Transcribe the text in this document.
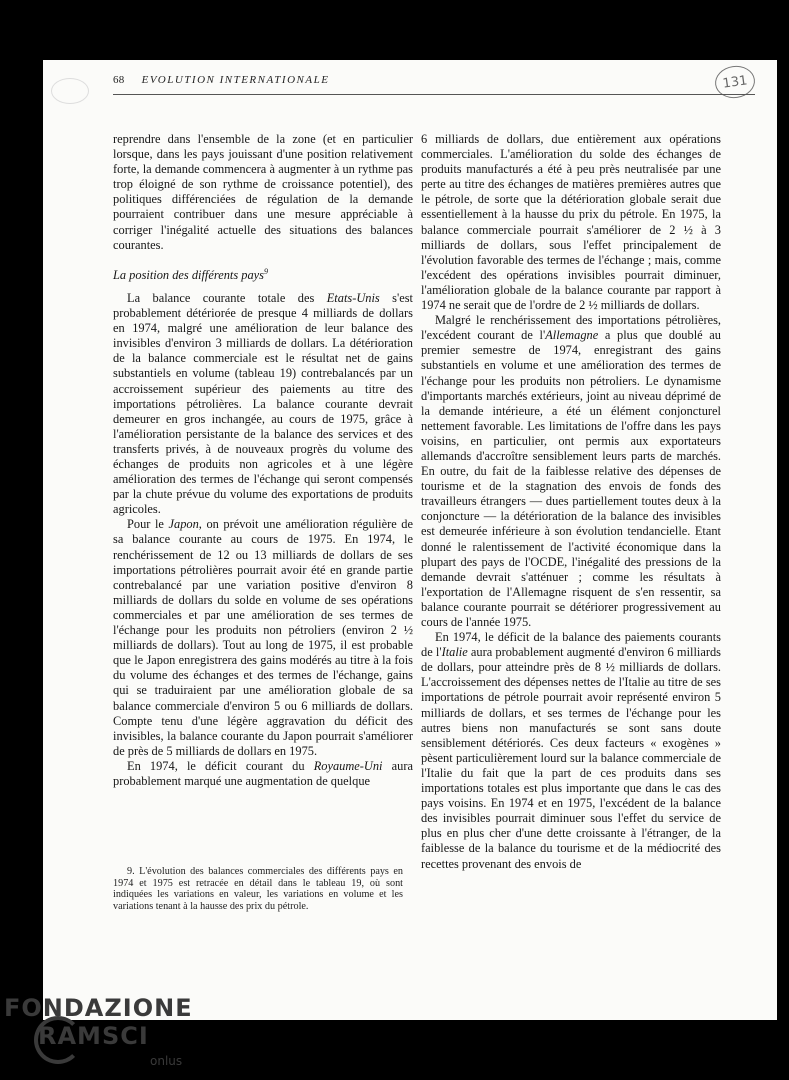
68 EVOLUTION INTERNATIONALE	131

reprendre dans l'ensemble de la zone (et en particulier lorsque, dans les pays jouissant d'une position relativement forte, la demande commencera à augmenter à un rythme pas trop éloigné de son rythme de croissance potentiel), des politiques différenciées de régulation de la demande pourraient contribuer dans une mesure appréciable à corriger l'inégalité actuelle des situations des balances courantes.

La position des différents pays$^9$

La balance courante totale des Etats-Unis s'est probablement détériorée de presque 4 milliards de dollars en 1974, malgré une amélioration de leur balance des invisibles d'environ 3 milliards de dollars. La détérioration de la balance commerciale est le résultat net de gains substantiels en volume (tableau 19) contrebalancés par un accroissement supérieur des paiements au titre des importations pétrolières. La balance courante devrait demeurer en gros inchangée, au cours de 1975, grâce à l'amélioration persistante de la balance des services et des transferts privés, à de nouveaux progrès du volume des échanges de produits non agricoles et à une légère amélioration des termes de l'échange qui seront compensés par la chute prévue du volume des exportations de produits agricoles.

Pour le Japon, on prévoit une amélioration régulière de sa balance courante au cours de 1975. En 1974, le renchérissement de 12 ou 13 milliards de dollars de ses importations pétrolières pourrait avoir été en grande partie contrebalancé par une variation positive d'environ 8 milliards de dollars du solde en volume de ses opérations commerciales et par une amélioration de ses termes de l'échange pour les produits non pétroliers (environ 2 ½ milliards de dollars). Tout au long de 1975, il est probable que le Japon enregistrera des gains modérés au titre à la fois du volume des échanges et des termes de l'échange, gains qui se traduiraient par une amélioration globale de sa balance commerciale d'environ 5 ou 6 milliards de dollars. Compte tenu d'une légère aggravation du déficit des invisibles, la balance courante du Japon pourrait s'améliorer de près de 5 milliards de dollars en 1975.

En 1974, le déficit courant du Royaume-Uni aura probablement marqué une augmentation de quelque

9. L'évolution des balances commerciales des différents pays en 1974 et 1975 est retracée en détail dans le tableau 19, où sont indiquées les variations en valeur, les variations en volume et les variations tenant à la hausse des prix du pétrole.

6 milliards de dollars, due entièrement aux opérations commerciales. L'amélioration du solde des échanges de produits manufacturés a été à peu près neutralisée par une perte au titre des échanges de matières premières autres que le pétrole, de sorte que la détérioration globale serait due essentiellement à la hausse du prix du pétrole. En 1975, la balance commerciale pourrait s'améliorer de 2 ½ à 3 milliards de dollars, sous l'effet principalement de l'évolution favorable des termes de l'échange ; mais, comme l'excédent des opérations invisibles pourrait diminuer, l'amélioration globale de la balance courante par rapport à 1974 ne serait que de l'ordre de 2 ½ milliards de dollars.

Malgré le renchérissement des importations pétrolières, l'excédent courant de l'Allemagne a plus que doublé au premier semestre de 1974, enregistrant des gains substantiels en volume et une amélioration des termes de l'échange pour les produits non pétroliers. Le dynamisme d'importants marchés extérieurs, joint au niveau déprimé de la demande intérieure, a été un élément conjoncturel nettement favorable. Les limitations de l'offre dans les pays voisins, en particulier, ont permis aux exportateurs allemands d'accroître sensiblement leurs parts de marchés. En outre, du fait de la faiblesse relative des dépenses de tourisme et de la stagnation des envois de fonds des travailleurs étrangers — dues partiellement toutes deux à la conjoncture — la détérioration de la balance des invisibles est demeurée inférieure à son évolution tendancielle. Etant donné le ralentissement de l'activité économique dans la plupart des pays de l'OCDE, l'inégalité des pressions de la demande devrait s'atténuer ; comme les résultats à l'exportation de l'Allemagne risquent de s'en ressentir, sa balance courante pourrait se détériorer progressivement au cours de l'année 1975.

En 1974, le déficit de la balance des paiements courants de l'Italie aura probablement augmenté d'environ 6 milliards de dollars, pour atteindre près de 8 ½ milliards de dollars. L'accroissement des dépenses nettes de l'Italie au titre de ses importations de pétrole pourrait avoir représenté environ 5 milliards de dollars, et ses termes de l'échange pour les autres biens non manufacturés se sont sans doute sensiblement détériorés. Ces deux facteurs « exogènes » pèsent particulièrement lourd sur la balance commerciale de l'Italie du fait que la part de ces produits dans ses importations totales est plus importante que dans le cas des pays voisins. En 1974 et en 1975, l'excédent de la balance des invisibles pourrait diminuer sous l'effet du service de plus en plus cher d'une dette croissante à l'étranger, de la faiblesse de la balance du tourisme et de la médiocrité des recettes provenant des envois de

FONDAZIONE
RAMSCI
onlus
